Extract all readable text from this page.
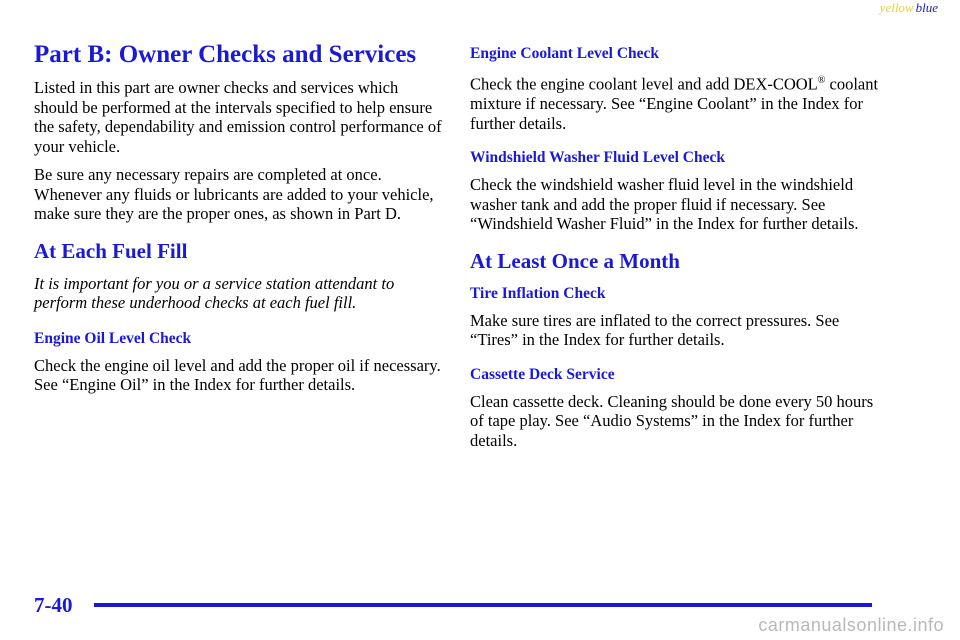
yellow blue
Part B: Owner Checks and Services

Listed in this part are owner checks and services which should be performed at the intervals specified to help ensure the safety, dependability and emission control performance of your vehicle.

Be sure any necessary repairs are completed at once. Whenever any fluids or lubricants are added to your vehicle, make sure they are the proper ones, as shown in Part D.

At Each Fuel Fill

It is important for you or a service station attendant to perform these underhood checks at each fuel fill.

Engine Oil Level Check

Check the engine oil level and add the proper oil if necessary. See “Engine Oil” in the Index for further details.

Engine Coolant Level Check

Check the engine coolant level and add DEX-COOL® coolant mixture if necessary. See “Engine Coolant” in the Index for further details.

Windshield Washer Fluid Level Check

Check the windshield washer fluid level in the windshield washer tank and add the proper fluid if necessary. See “Windshield Washer Fluid” in the Index for further details.

At Least Once a Month
Tire Inflation Check

Make sure tires are inflated to the correct pressures. See “Tires” in the Index for further details.

Cassette Deck Service

Clean cassette deck. Cleaning should be done every 50 hours of tape play. See “Audio Systems” in the Index for further details.

7-40
carmanualsonline.info
